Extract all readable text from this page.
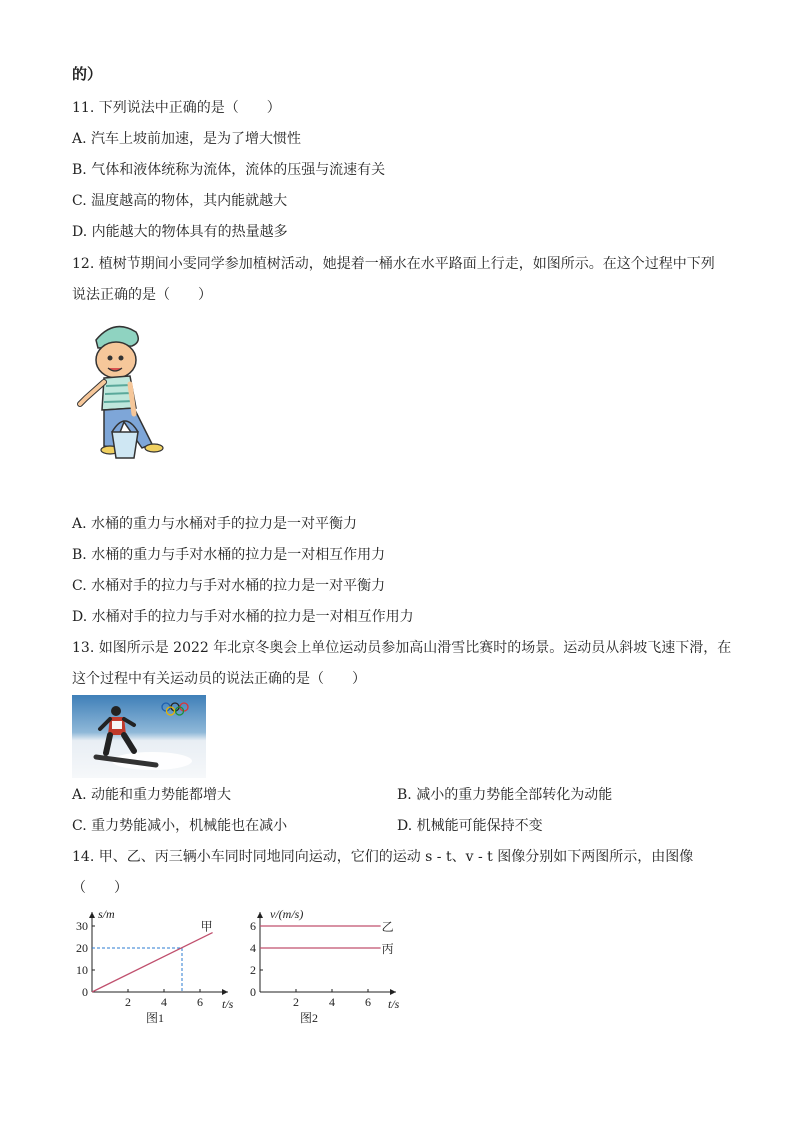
的）
11. 下列说法中正确的是（　　）
A. 汽车上坡前加速，是为了增大惯性
B. 气体和液体统称为流体，流体的压强与流速有关
C. 温度越高的物体，其内能就越大
D. 内能越大的物体具有的热量越多
12. 植树节期间小雯同学参加植树活动，她提着一桶水在水平路面上行走，如图所示。在这个过程中下列
说法正确的是（　　）
A. 水桶的重力与水桶对手的拉力是一对平衡力
B. 水桶的重力与手对水桶的拉力是一对相互作用力
C. 水桶对手的拉力与手对水桶的拉力是一对平衡力
D. 水桶对手的拉力与手对水桶的拉力是一对相互作用力
13. 如图所示是 2022 年北京冬奥会上单位运动员参加高山滑雪比赛时的场景。运动员从斜坡飞速下滑，在
这个过程中有关运动员的说法正确的是（　　）
A. 动能和重力势能都增大	B. 减小的重力势能全部转化为动能
C. 重力势能减小，机械能也在减小	D. 机械能可能保持不变
14. 甲、乙、丙三辆小车同时同地同向运动，它们的运动 s - t、v - t 图像分别如下两图所示，由图像
（　　）
s/m
t/s
图1
2	4	6
0
10
20
30	甲
v/(m/s)
t/s
图2
2	4	6
0
2
4
6	乙
丙
